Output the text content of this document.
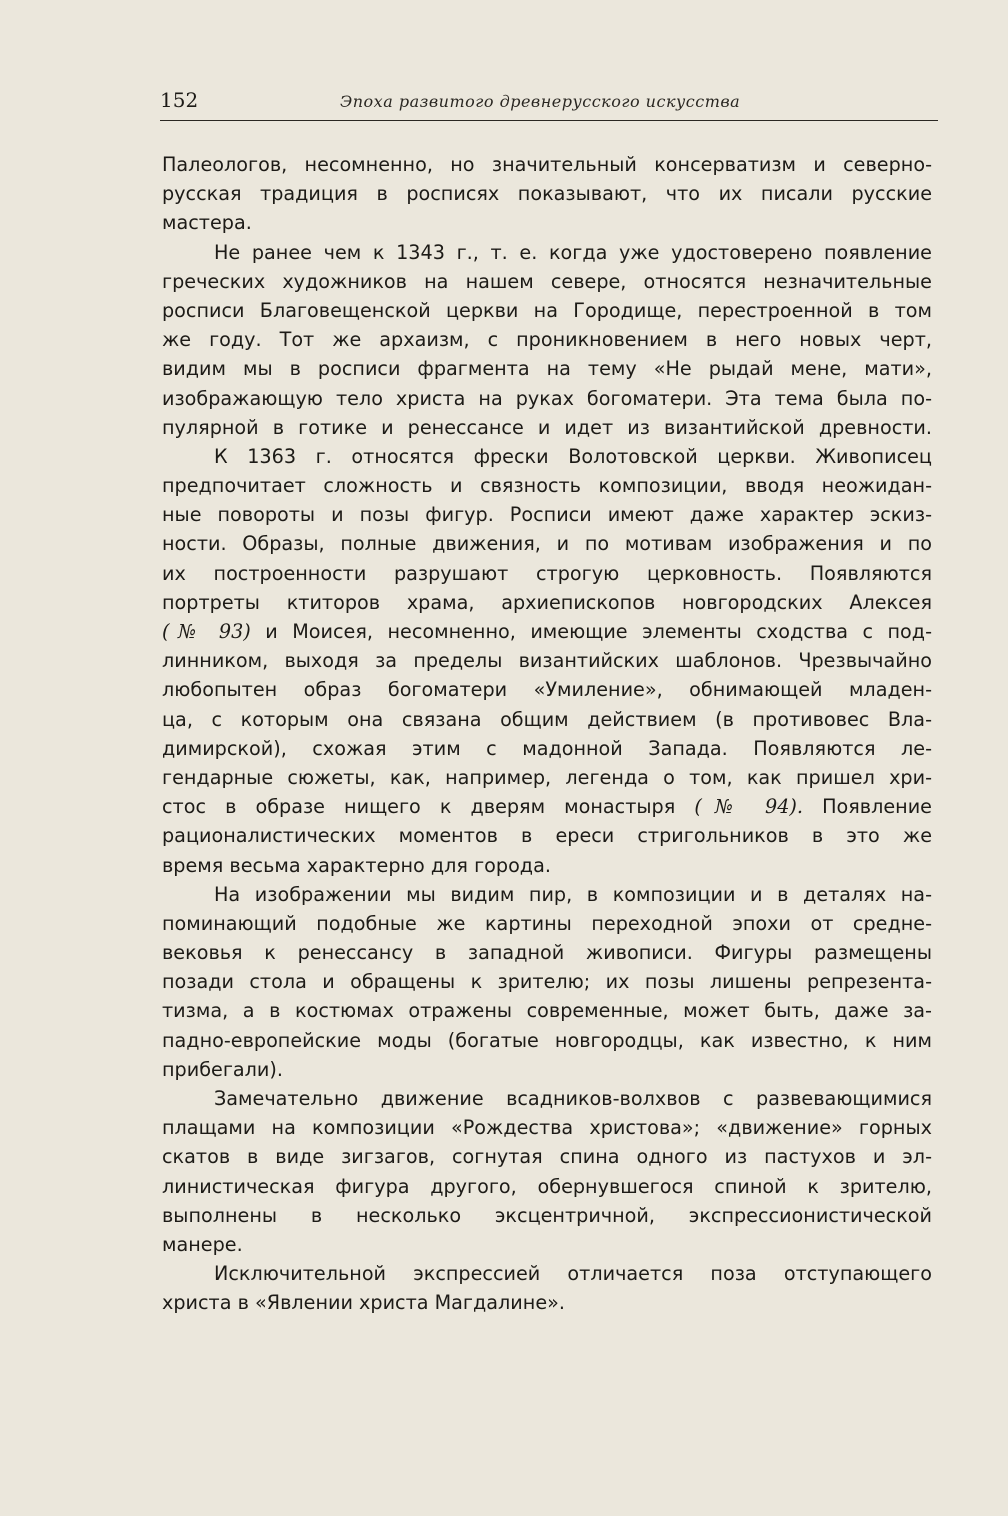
152	Эпоха развитого древнерусского искусства
Палеологов, несомненно, но значительный консерватизм и северно-
русская традиция в росписях показывают, что их писали русские
мастера.
Не ранее чем к 1343 г., т. е. когда уже удостоверено появление
греческих художников на нашем севере, относятся незначительные
росписи Благовещенской церкви на Городище, перестроенной в том
же году. Тот же архаизм, с проникновением в него новых черт,
видим мы в росписи фрагмента на тему «Не рыдай мене, мати»,
изображающую тело христа на руках богоматери. Эта тема была по-
пулярной в готике и ренессансе и идет из византийской древности.
К 1363 г. относятся фрески Волотовской церкви. Живописец
предпочитает сложность и связность композиции, вводя неожидан-
ные повороты и позы фигур. Росписи имеют даже характер эскиз-
ности. Образы, полные движения, и по мотивам изображения и по
их построенности разрушают строгую церковность. Появляются
портреты ктиторов храма, архиепископов новгородских Алексея
(№ 93) и Моисея, несомненно, имеющие элементы сходства с под-
линником, выходя за пределы византийских шаблонов. Чрезвычайно
любопытен образ богоматери «Умиление», обнимающей младен-
ца, с которым она связана общим действием (в противовес Вла-
димирской), схожая этим с мадонной Запада. Появляются ле-
гендарные сюжеты, как, например, легенда о том, как пришел хри-
стос в образе нищего к дверям монастыря (№ 94). Появление
рационалистических моментов в ереси стригольников в это же
время весьма характерно для города.
На изображении мы видим пир, в композиции и в деталях на-
поминающий подобные же картины переходной эпохи от средне-
вековья к ренессансу в западной живописи. Фигуры размещены
позади стола и обращены к зрителю; их позы лишены репрезента-
тизма, а в костюмах отражены современные, может быть, даже за-
падно-европейские моды (богатые новгородцы, как известно, к ним
прибегали).
Замечательно движение всадников-волхвов с развевающимися
плащами на композиции «Рождества христова»; «движение» горных
скатов в виде зигзагов, согнутая спина одного из пастухов и эл-
линистическая фигура другого, обернувшегося спиной к зрителю,
выполнены в несколько эксцентричной, экспрессионистической
манере.
Исключительной экспрессией отличается поза отступающего
христа в «Явлении христа Магдалине».
